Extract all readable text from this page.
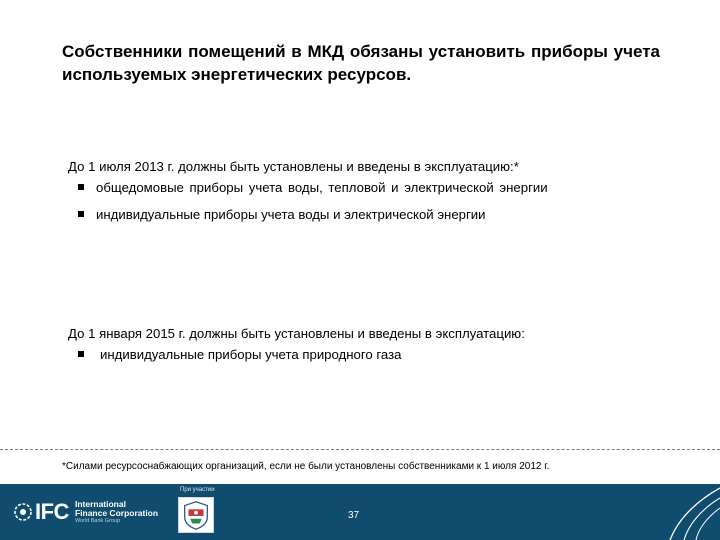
Собственники помещений в МКД обязаны установить приборы учета используемых энергетических ресурсов.
До 1 июля 2013 г. должны быть установлены и введены в эксплуатацию:*
общедомовые приборы учета воды, тепловой и электрической энергии
индивидуальные приборы учета воды и электрической энергии
До 1 января 2015 г. должны быть установлены и введены в эксплуатацию:
индивидуальные приборы учета природного газа
*Силами ресурсоснабжающих организаций, если не были установлены собственниками к 1 июля 2012 г.
IFC International
Finance Corporation
World Bank Group
При участии
37
